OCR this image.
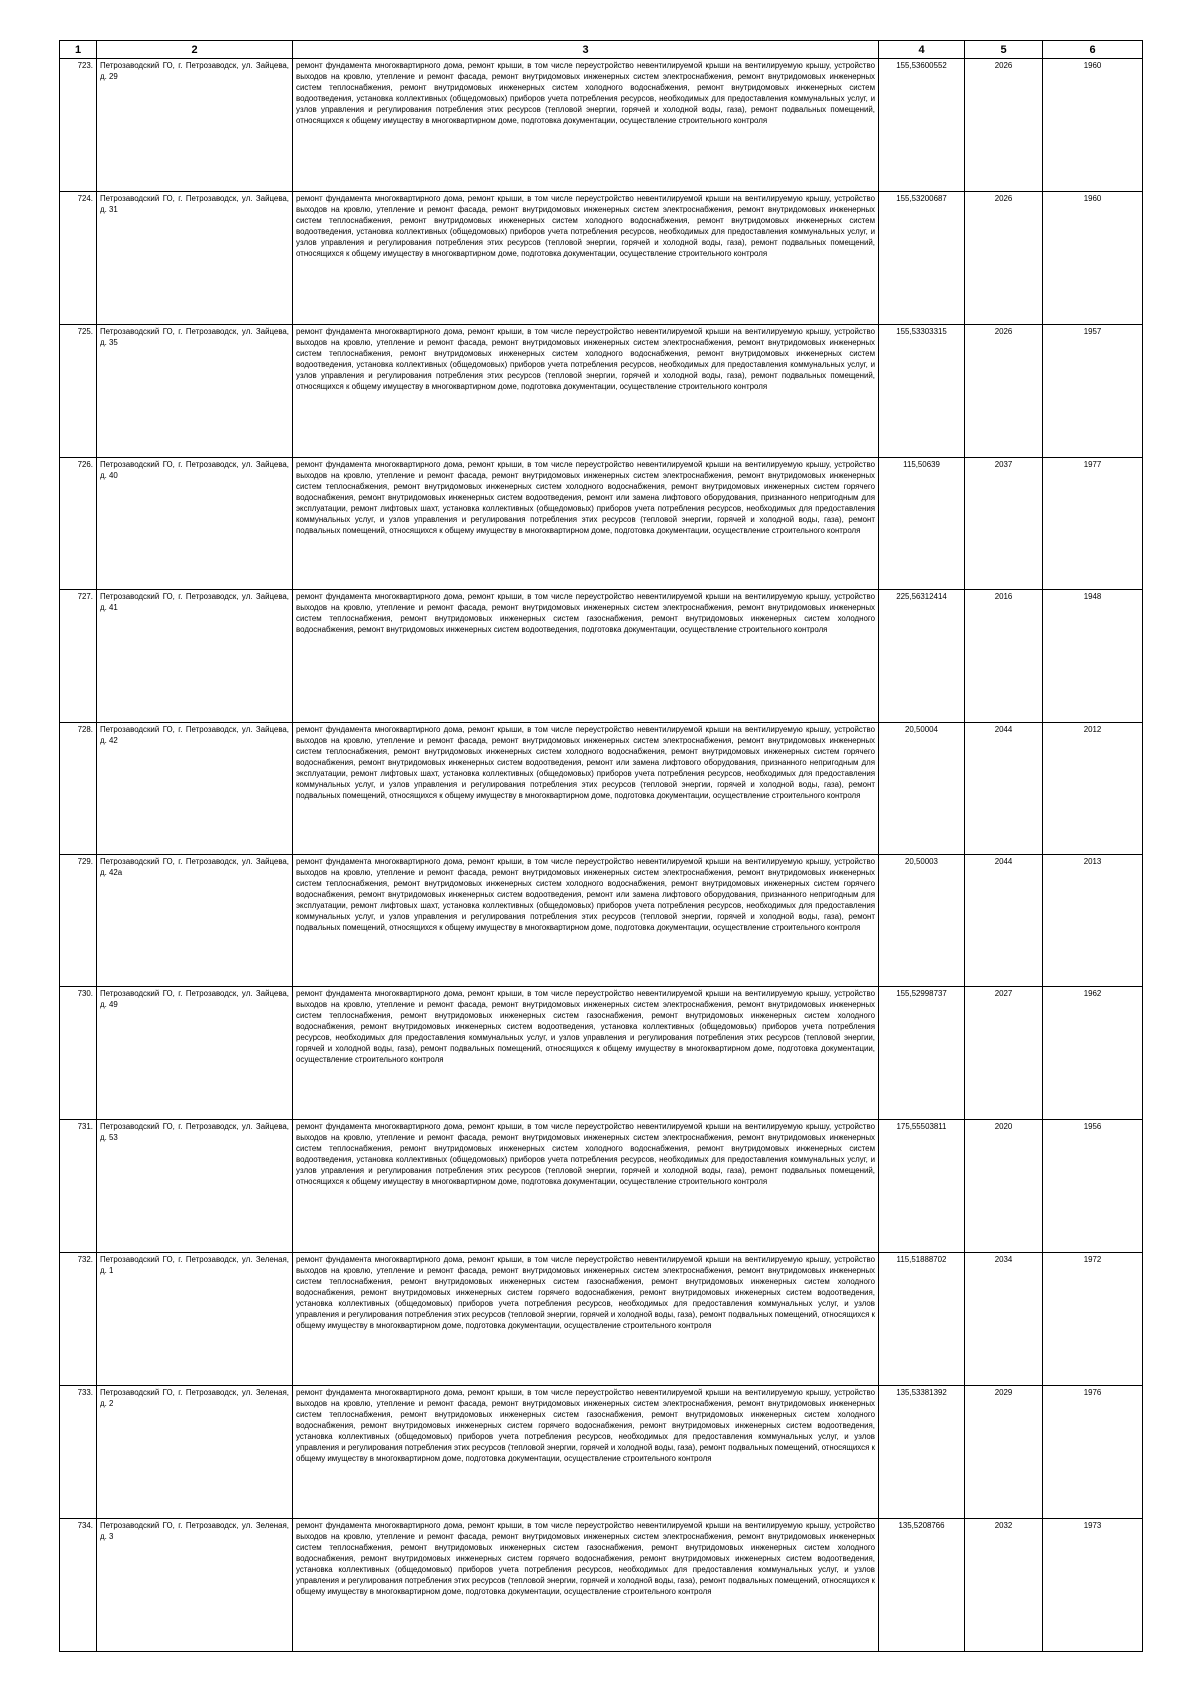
1	2	3	4	5	6
723.	Петрозаводский ГО, г. Петрозаводск, ул. Зайцева, д. 29	ремонт фундамента многоквартирного дома, ремонт крыши, в том числе переустройство невентилируемой крыши на вентилируемую крышу, устройство выходов на кровлю, утепление и ремонт фасада, ремонт внутридомовых инженерных систем электроснабжения, ремонт внутридомовых инженерных систем теплоснабжения, ремонт внутридомовых инженерных систем холодного водоснабжения, ремонт внутридомовых инженерных систем водоотведения, установка коллективных (общедомовых) приборов учета потребления ресурсов, необходимых для предоставления коммунальных услуг, и узлов управления и регулирования потребления этих ресурсов (тепловой энергии, горячей и холодной воды, газа), ремонт подвальных помещений, относящихся к общему имуществу в многоквартирном доме, подготовка документации, осуществление строительного контроля	155,53600552	2026	1960
724.	Петрозаводский ГО, г. Петрозаводск, ул. Зайцева, д. 31	ремонт фундамента многоквартирного дома, ремонт крыши, в том числе переустройство невентилируемой крыши на вентилируемую крышу, устройство выходов на кровлю, утепление и ремонт фасада, ремонт внутридомовых инженерных систем электроснабжения, ремонт внутридомовых инженерных систем теплоснабжения, ремонт внутридомовых инженерных систем холодного водоснабжения, ремонт внутридомовых инженерных систем водоотведения, установка коллективных (общедомовых) приборов учета потребления ресурсов, необходимых для предоставления коммунальных услуг, и узлов управления и регулирования потребления этих ресурсов (тепловой энергии, горячей и холодной воды, газа), ремонт подвальных помещений, относящихся к общему имуществу в многоквартирном доме, подготовка документации, осуществление строительного контроля	155,53200687	2026	1960
725.	Петрозаводский ГО, г. Петрозаводск, ул. Зайцева, д. 35	ремонт фундамента многоквартирного дома, ремонт крыши, в том числе переустройство невентилируемой крыши на вентилируемую крышу, устройство выходов на кровлю, утепление и ремонт фасада, ремонт внутридомовых инженерных систем электроснабжения, ремонт внутридомовых инженерных систем теплоснабжения, ремонт внутридомовых инженерных систем холодного водоснабжения, ремонт внутридомовых инженерных систем водоотведения, установка коллективных (общедомовых) приборов учета потребления ресурсов, необходимых для предоставления коммунальных услуг, и узлов управления и регулирования потребления этих ресурсов (тепловой энергии, горячей и холодной воды, газа), ремонт подвальных помещений, относящихся к общему имуществу в многоквартирном доме, подготовка документации, осуществление строительного контроля	155,53303315	2026	1957
726.	Петрозаводский ГО, г. Петрозаводск, ул. Зайцева, д. 40	ремонт фундамента многоквартирного дома, ремонт крыши, в том числе переустройство невентилируемой крыши на вентилируемую крышу, устройство выходов на кровлю, утепление и ремонт фасада, ремонт внутридомовых инженерных систем электроснабжения, ремонт внутридомовых инженерных систем теплоснабжения, ремонт внутридомовых инженерных систем холодного водоснабжения, ремонт внутридомовых инженерных систем горячего водоснабжения, ремонт внутридомовых инженерных систем водоотведения, ремонт или замена лифтового оборудования, признанного непригодным для эксплуатации, ремонт лифтовых шахт, установка коллективных (общедомовых) приборов учета потребления ресурсов, необходимых для предоставления коммунальных услуг, и узлов управления и регулирования потребления этих ресурсов (тепловой энергии, горячей и холодной воды, газа), ремонт подвальных помещений, относящихся к общему имуществу в многоквартирном доме, подготовка документации, осуществление строительного контроля	115,50639	2037	1977
727.	Петрозаводский ГО, г. Петрозаводск, ул. Зайцева, д. 41	ремонт фундамента многоквартирного дома, ремонт крыши, в том числе переустройство невентилируемой крыши на вентилируемую крышу, устройство выходов на кровлю, утепление и ремонт фасада, ремонт внутридомовых инженерных систем электроснабжения, ремонт внутридомовых инженерных систем теплоснабжения, ремонт внутридомовых инженерных систем газоснабжения, ремонт внутридомовых инженерных систем холодного водоснабжения, ремонт внутридомовых инженерных систем водоотведения, подготовка документации, осуществление строительного контроля	225,56312414	2016	1948
728.	Петрозаводский ГО, г. Петрозаводск, ул. Зайцева, д. 42	ремонт фундамента многоквартирного дома, ремонт крыши, в том числе переустройство невентилируемой крыши на вентилируемую крышу, устройство выходов на кровлю, утепление и ремонт фасада, ремонт внутридомовых инженерных систем электроснабжения, ремонт внутридомовых инженерных систем теплоснабжения, ремонт внутридомовых инженерных систем холодного водоснабжения, ремонт внутридомовых инженерных систем горячего водоснабжения, ремонт внутридомовых инженерных систем водоотведения, ремонт или замена лифтового оборудования, признанного непригодным для эксплуатации, ремонт лифтовых шахт, установка коллективных (общедомовых) приборов учета потребления ресурсов, необходимых для предоставления коммунальных услуг, и узлов управления и регулирования потребления этих ресурсов (тепловой энергии, горячей и холодной воды, газа), ремонт подвальных помещений, относящихся к общему имуществу в многоквартирном доме, подготовка документации, осуществление строительного контроля	20,50004	2044	2012
729.	Петрозаводский ГО, г. Петрозаводск, ул. Зайцева, д. 42а	ремонт фундамента многоквартирного дома, ремонт крыши, в том числе переустройство невентилируемой крыши на вентилируемую крышу, устройство выходов на кровлю, утепление и ремонт фасада, ремонт внутридомовых инженерных систем электроснабжения, ремонт внутридомовых инженерных систем теплоснабжения, ремонт внутридомовых инженерных систем холодного водоснабжения, ремонт внутридомовых инженерных систем горячего водоснабжения, ремонт внутридомовых инженерных систем водоотведения, ремонт или замена лифтового оборудования, признанного непригодным для эксплуатации, ремонт лифтовых шахт, установка коллективных (общедомовых) приборов учета потребления ресурсов, необходимых для предоставления коммунальных услуг, и узлов управления и регулирования потребления этих ресурсов (тепловой энергии, горячей и холодной воды, газа), ремонт подвальных помещений, относящихся к общему имуществу в многоквартирном доме, подготовка документации, осуществление строительного контроля	20,50003	2044	2013
730.	Петрозаводский ГО, г. Петрозаводск, ул. Зайцева, д. 49	ремонт фундамента многоквартирного дома, ремонт крыши, в том числе переустройство невентилируемой крыши на вентилируемую крышу, устройство выходов на кровлю, утепление и ремонт фасада, ремонт внутридомовых инженерных систем электроснабжения, ремонт внутридомовых инженерных систем теплоснабжения, ремонт внутридомовых инженерных систем газоснабжения, ремонт внутридомовых инженерных систем холодного водоснабжения, ремонт внутридомовых инженерных систем водоотведения, установка коллективных (общедомовых) приборов учета потребления ресурсов, необходимых для предоставления коммунальных услуг, и узлов управления и регулирования потребления этих ресурсов (тепловой энергии, горячей и холодной воды, газа), ремонт подвальных помещений, относящихся к общему имуществу в многоквартирном доме, подготовка документации, осуществление строительного контроля	155,52998737	2027	1962
731.	Петрозаводский ГО, г. Петрозаводск, ул. Зайцева, д. 53	ремонт фундамента многоквартирного дома, ремонт крыши, в том числе переустройство невентилируемой крыши на вентилируемую крышу, устройство выходов на кровлю, утепление и ремонт фасада, ремонт внутридомовых инженерных систем электроснабжения, ремонт внутридомовых инженерных систем теплоснабжения, ремонт внутридомовых инженерных систем холодного водоснабжения, ремонт внутридомовых инженерных систем водоотведения, установка коллективных (общедомовых) приборов учета потребления ресурсов, необходимых для предоставления коммунальных услуг, и узлов управления и регулирования потребления этих ресурсов (тепловой энергии, горячей и холодной воды, газа), ремонт подвальных помещений, относящихся к общему имуществу в многоквартирном доме, подготовка документации, осуществление строительного контроля	175,55503811	2020	1956
732.	Петрозаводский ГО, г. Петрозаводск, ул. Зеленая, д. 1	ремонт фундамента многоквартирного дома, ремонт крыши, в том числе переустройство невентилируемой крыши на вентилируемую крышу, устройство выходов на кровлю, утепление и ремонт фасада, ремонт внутридомовых инженерных систем электроснабжения, ремонт внутридомовых инженерных систем теплоснабжения, ремонт внутридомовых инженерных систем газоснабжения, ремонт внутридомовых инженерных систем холодного водоснабжения, ремонт внутридомовых инженерных систем горячего водоснабжения, ремонт внутридомовых инженерных систем водоотведения, установка коллективных (общедомовых) приборов учета потребления ресурсов, необходимых для предоставления коммунальных услуг, и узлов управления и регулирования потребления этих ресурсов (тепловой энергии, горячей и холодной воды, газа), ремонт подвальных помещений, относящихся к общему имуществу в многоквартирном доме, подготовка документации, осуществление строительного контроля	115,51888702	2034	1972
733.	Петрозаводский ГО, г. Петрозаводск, ул. Зеленая, д. 2	ремонт фундамента многоквартирного дома, ремонт крыши, в том числе переустройство невентилируемой крыши на вентилируемую крышу, устройство выходов на кровлю, утепление и ремонт фасада, ремонт внутридомовых инженерных систем электроснабжения, ремонт внутридомовых инженерных систем теплоснабжения, ремонт внутридомовых инженерных систем газоснабжения, ремонт внутридомовых инженерных систем холодного водоснабжения, ремонт внутридомовых инженерных систем горячего водоснабжения, ремонт внутридомовых инженерных систем водоотведения, установка коллективных (общедомовых) приборов учета потребления ресурсов, необходимых для предоставления коммунальных услуг, и узлов управления и регулирования потребления этих ресурсов (тепловой энергии, горячей и холодной воды, газа), ремонт подвальных помещений, относящихся к общему имуществу в многоквартирном доме, подготовка документации, осуществление строительного контроля	135,53381392	2029	1976
734.	Петрозаводский ГО, г. Петрозаводск, ул. Зеленая, д. 3	ремонт фундамента многоквартирного дома, ремонт крыши, в том числе переустройство невентилируемой крыши на вентилируемую крышу, устройство выходов на кровлю, утепление и ремонт фасада, ремонт внутридомовых инженерных систем электроснабжения, ремонт внутридомовых инженерных систем теплоснабжения, ремонт внутридомовых инженерных систем газоснабжения, ремонт внутридомовых инженерных систем холодного водоснабжения, ремонт внутридомовых инженерных систем горячего водоснабжения, ремонт внутридомовых инженерных систем водоотведения, установка коллективных (общедомовых) приборов учета потребления ресурсов, необходимых для предоставления коммунальных услуг, и узлов управления и регулирования потребления этих ресурсов (тепловой энергии, горячей и холодной воды, газа), ремонт подвальных помещений, относящихся к общему имуществу в многоквартирном доме, подготовка документации, осуществление строительного контроля	135,5208766	2032	1973
